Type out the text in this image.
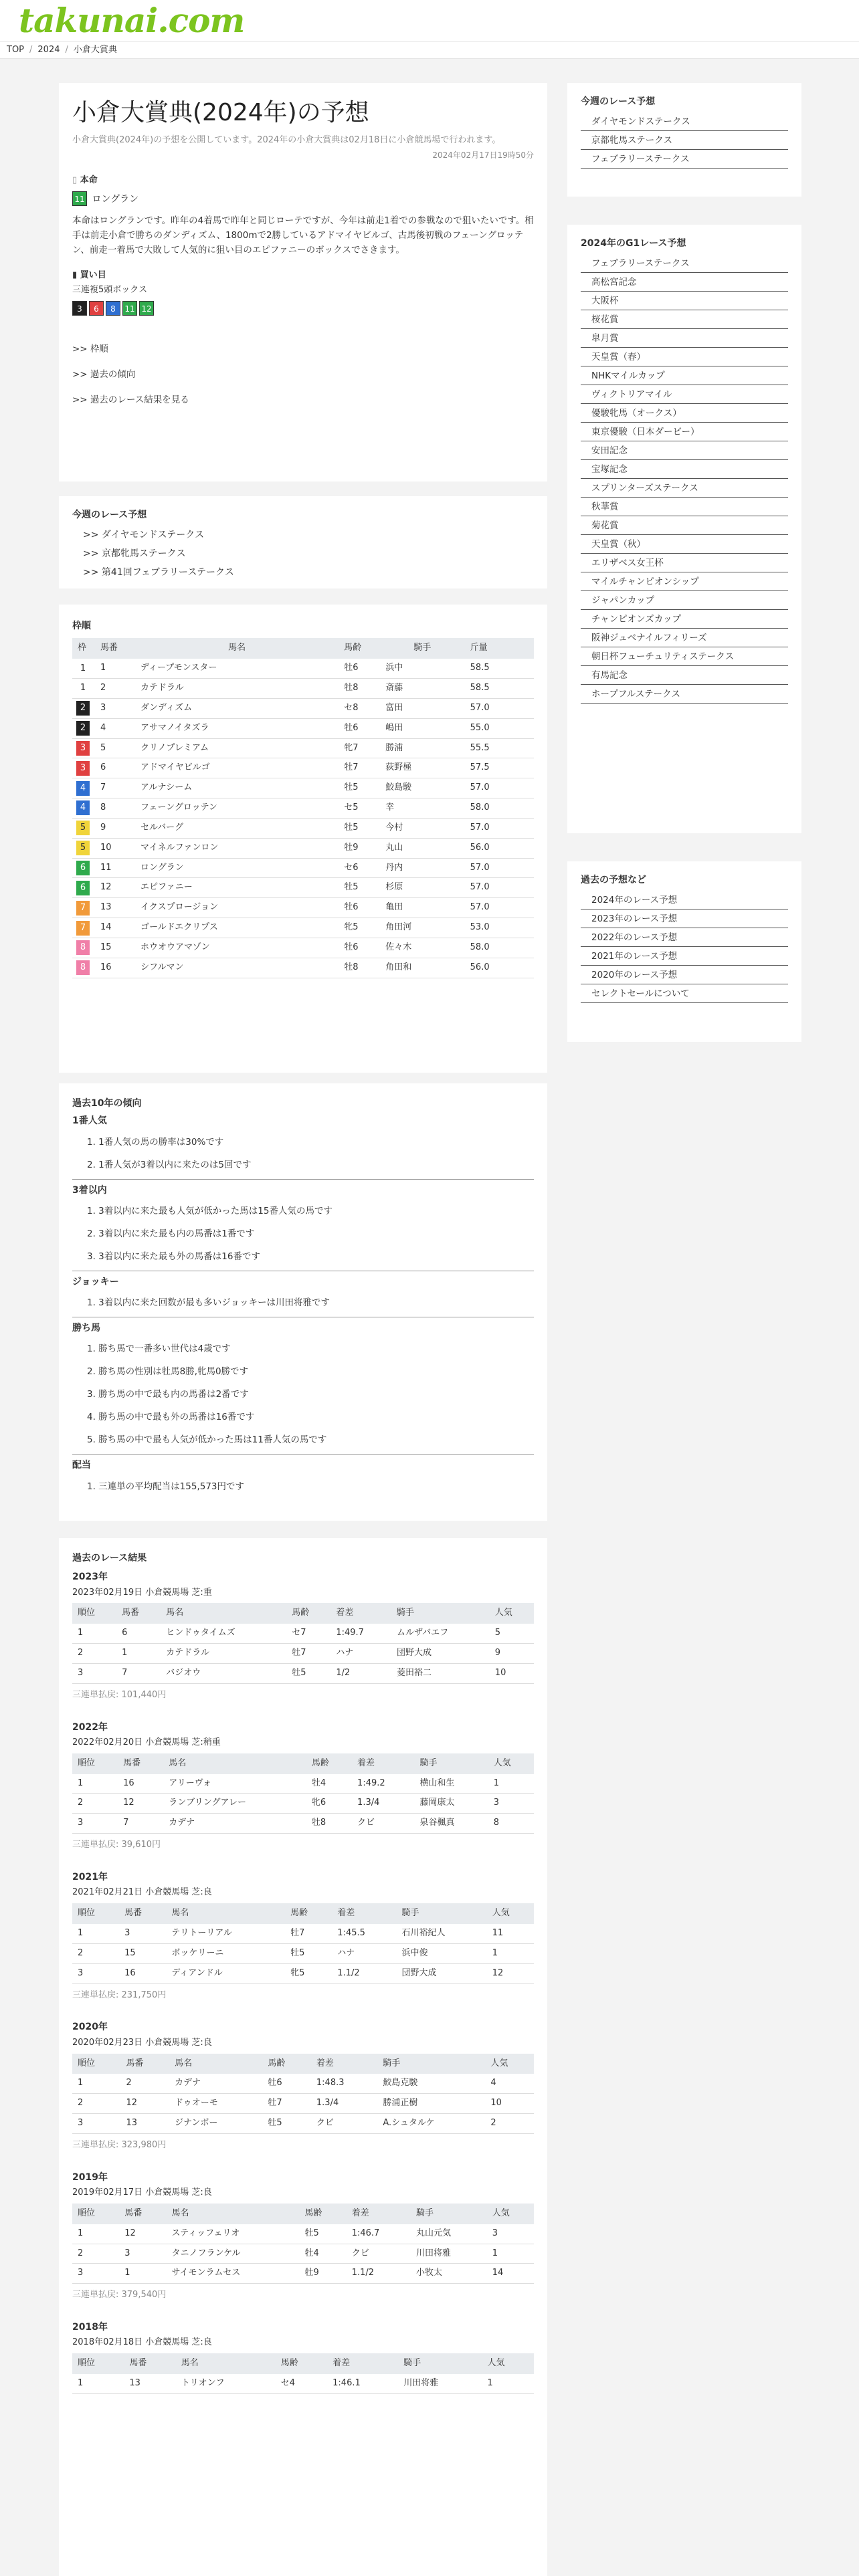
takunai.com
TOP / 2024 / 小倉大賞典
小倉大賞典(2024年)の予想

小倉大賞典(2024年)の予想を公開しています。2024年の小倉大賞典は02月18日に小倉競馬場で行われます。

2024年02月17日19時50分

▯ 本命
11 ロングラン

本命はロングランです。昨年の4着馬で昨年と同じローテですが、今年は前走1着での参戦なので狙いたいです。相手は前走小倉で勝ちのダンディズム、1800mで2勝しているアドマイヤビルゴ、古馬後初戦のフェーングロッテン、前走一着馬で大敗して人気的に狙い目のエピファニーのボックスでさきます。

▮ 買い目
三連複5頭ボックス
3 6 8 11 12
>> 枠順
>> 過去の傾向
>> 過去のレース結果を見る
今週のレース予想
>> ダイヤモンドステークス
>> 京都牝馬ステークス
>> 第41回フェブラリーステークス
枠順
枠	馬番	馬名	馬齢	騎手	斤量
1	1	ディープモンスター	牡6	浜中	58.5
1	2	カテドラル	牡8	斎藤	58.5
2	3	ダンディズム	セ8	富田	57.0
2	4	アサマノイタズラ	牡6	嶋田	55.0
3	5	クリノプレミアム	牝7	勝浦	55.5
3	6	アドマイヤビルゴ	牡7	荻野極	57.5
4	7	アルナシーム	牡5	鮫島駿	57.0
4	8	フェーングロッテン	セ5	幸	58.0
5	9	セルバーグ	牡5	今村	57.0
5	10	マイネルファンロン	牡9	丸山	56.0
6	11	ロングラン	セ6	丹内	57.0
6	12	エピファニー	牡5	杉原	57.0
7	13	イクスプロージョン	牡6	亀田	57.0
7	14	ゴールドエクリプス	牝5	角田河	53.0
8	15	ホウオウアマゾン	牡6	佐々木	58.0
8	16	シフルマン	牡8	角田和	56.0
過去10年の傾向
1番人気
1. 1番人気の馬の勝率は30%です
2. 1番人気が3着以内に来たのは5回です
3着以内
1. 3着以内に来た最も人気が低かった馬は15番人気の馬です
2. 3着以内に来た最も内の馬番は1番です
3. 3着以内に来た最も外の馬番は16番です
ジョッキー
1. 3着以内に来た回数が最も多いジョッキーは川田将雅です
勝ち馬
1. 勝ち馬で一番多い世代は4歳です
2. 勝ち馬の性別は牡馬8勝,牝馬0勝です
3. 勝ち馬の中で最も内の馬番は2番です
4. 勝ち馬の中で最も外の馬番は16番です
5. 勝ち馬の中で最も人気が低かった馬は11番人気の馬です
配当
1. 三連単の平均配当は155,573円です
過去のレース結果
2023年
2023年02月19日 小倉競馬場 芝:重
順位	馬番	馬名	馬齢	着差	騎手	人気
1	6	ヒンドゥタイムズ	セ7	1:49.7	ムルザバエフ	5
2	1	カテドラル	牡7	ハナ	団野大成	9
3	7	バジオウ	牡5	1/2	菱田裕二	10
三連単払戻: 101,440円
2022年
2022年02月20日 小倉競馬場 芝:稍重
順位	馬番	馬名	馬齢	着差	騎手	人気
1	16	アリーヴォ	牡4	1:49.2	横山和生	1
2	12	ランブリングアレー	牝6	1.3/4	藤岡康太	3
3	7	カデナ	牡8	クビ	泉谷楓真	8
三連単払戻: 39,610円
2021年
2021年02月21日 小倉競馬場 芝:良
順位	馬番	馬名	馬齢	着差	騎手	人気
1	3	テリトーリアル	牡7	1:45.5	石川裕紀人	11
2	15	ボッケリーニ	牡5	ハナ	浜中俊	1
3	16	ディアンドル	牝5	1.1/2	団野大成	12
三連単払戻: 231,750円
2020年
2020年02月23日 小倉競馬場 芝:良
順位	馬番	馬名	馬齢	着差	騎手	人気
1	2	カデナ	牡6	1:48.3	鮫島克駿	4
2	12	ドゥオーモ	牡7	1.3/4	勝浦正樹	10
3	13	ジナンボー	牡5	クビ	A.シュタルケ	2
三連単払戻: 323,980円
2019年
2019年02月17日 小倉競馬場 芝:良
順位	馬番	馬名	馬齢	着差	騎手	人気
1	12	スティッフェリオ	牡5	1:46.7	丸山元気	3
2	3	タニノフランケル	牡4	クビ	川田将雅	1
3	1	サイモンラムセス	牡9	1.1/2	小牧太	14
三連単払戻: 379,540円
2018年
2018年02月18日 小倉競馬場 芝:良
順位	馬番	馬名	馬齢	着差	騎手	人気
1	13	トリオンフ	セ4	1:46.1	川田将雅	1
今週のレース予想
ダイヤモンドステークス
京都牝馬ステークス
フェブラリーステークス
2024年のG1レース予想
フェブラリーステークス
高松宮記念
大阪杯
桜花賞
皐月賞
天皇賞（春）
NHKマイルカップ
ヴィクトリアマイル
優駿牝馬（オークス）
東京優駿（日本ダービー）
安田記念
宝塚記念
スプリンターズステークス
秋華賞
菊花賞
天皇賞（秋）
エリザベス女王杯
マイルチャンピオンシップ
ジャパンカップ
チャンピオンズカップ
阪神ジュベナイルフィリーズ
朝日杯フューチュリティステークス
有馬記念
ホープフルステークス
過去の予想など
2024年のレース予想
2023年のレース予想
2022年のレース予想
2021年のレース予想
2020年のレース予想
セレクトセールについて
